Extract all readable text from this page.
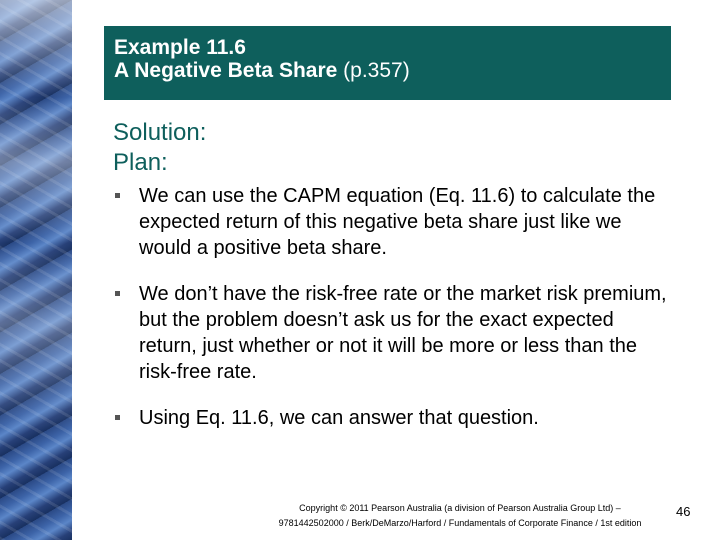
Example 11.6
A Negative Beta Share (p.357)
Solution:
Plan:
We can use the CAPM equation (Eq. 11.6) to calculate the expected return of this negative beta share just like we would a positive beta share.
We don’t have the risk-free rate or the market risk premium, but the problem doesn’t ask us for the exact expected return, just whether or not it will be more or less than the risk-free rate.
Using Eq. 11.6, we can answer that question.
Copyright © 2011 Pearson Australia (a division of Pearson Australia Group Ltd) –
9781442502000 / Berk/DeMarzo/Harford / Fundamentals of Corporate Finance / 1st edition
46
